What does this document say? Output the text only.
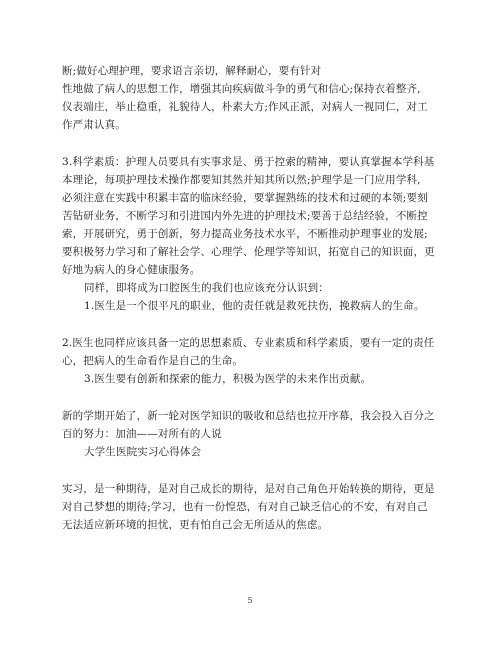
断;做好心理护理，要求语言亲切，解释耐心，要有针对
性地做了病人的思想工作，增强其向疾病做斗争的勇气和信心;保持衣着整齐,
仪表端庄，举止稳重，礼貌待人，朴素大方;作风正派，对病人一视同仁，对工
作严肃认真。
3.科学素质：护理人员要具有实事求是、勇于控索的精神，要认真掌握本学科基
本理论，每项护理技术操作都要知其然并知其所以然;护理学是一门应用学科,
必须注意在实践中积累丰富的临床经验，要掌握熟练的技术和过硬的本领;要刻
苦钻研业务，不断学习和引进国内外先进的护理技术;要善于总结经验，不断控
索，开展研究，勇于创新，努力提高业务技术水平，不断推动护理事业的发展;
要积极努力学习和了解社会学、心理学、伦理学等知识，拓宽自己的知识面，更
好地为病人的身心健康服务。
同样，即将成为口腔医生的我们也应该充分认识到：
1.医生是一个很平凡的职业，他的责任就是救死扶伤，挽救病人的生命。
2.医生也同样应该具备一定的思想素质、专业素质和科学素质，要有一定的责任
心，把病人的生命看作是自己的生命。
3.医生要有创新和探索的能力，积极为医学的未来作出贡献。
新的学期开始了，新一轮对医学知识的吸收和总结也拉开序幕，我会投入百分之
百的努力：加油——对所有的人说
大学生医院实习心得体会
实习，是一种期待，是对自己成长的期待，是对自己角色开始转换的期待，更是
对自己梦想的期待;学习，也有一份惶恐，有对自己缺乏信心的不安，有对自己
无法适应新环境的担忧，更有怕自己会无所适从的焦虑。
5
